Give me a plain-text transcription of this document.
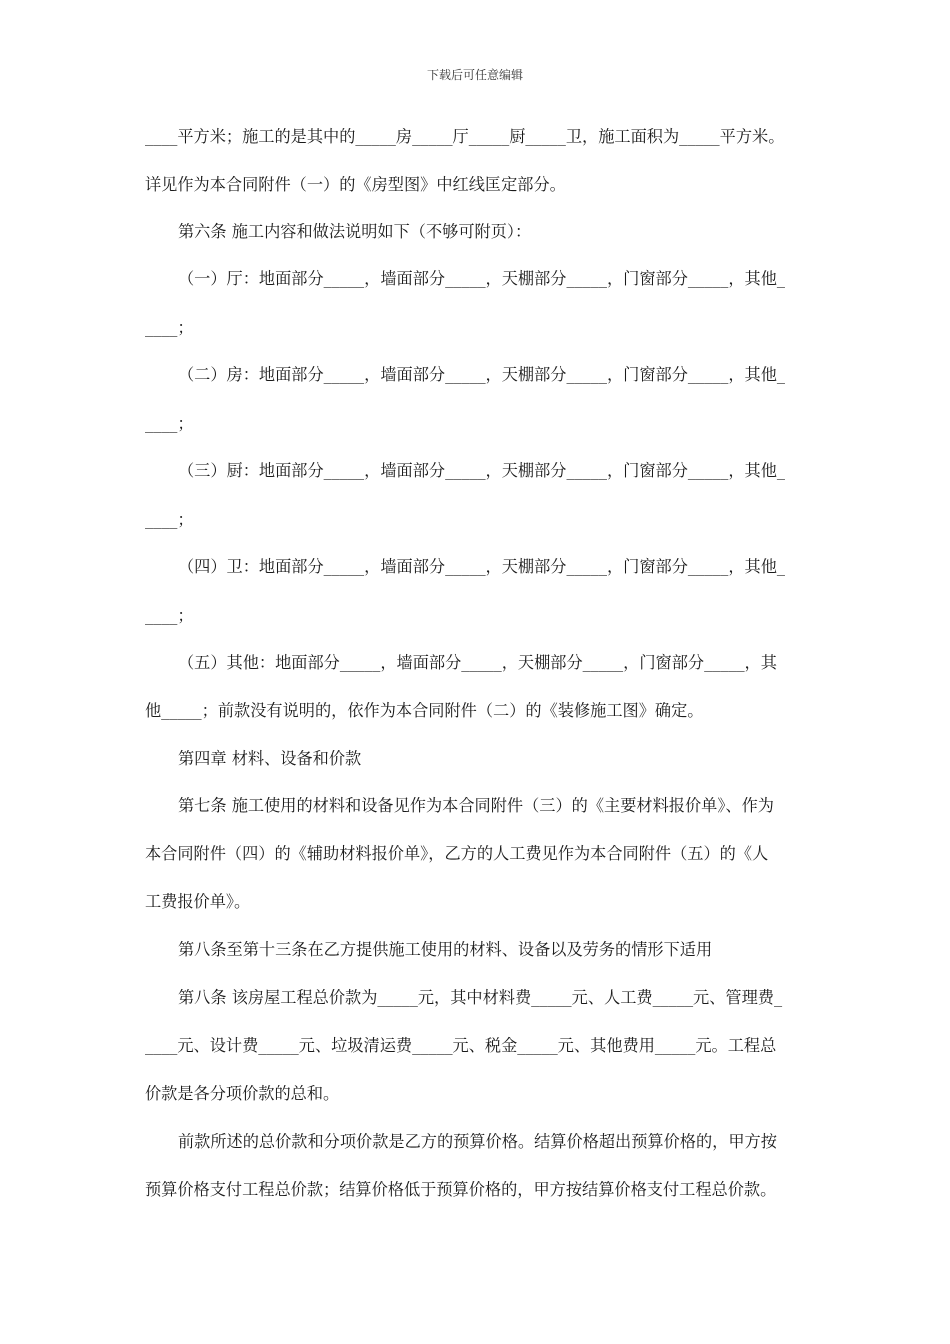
下载后可任意编辑
____平方米；施工的是其中的_____房_____厅_____厨_____卫，施工面积为_____平方米。
详见作为本合同附件（一）的《房型图》中红线匡定部分。
第六条 施工内容和做法说明如下（不够可附页）：
（一）厅：地面部分_____，墙面部分_____，天棚部分_____，门窗部分_____，其他_
____；
（二）房：地面部分_____，墙面部分_____，天棚部分_____，门窗部分_____，其他_
____；
（三）厨：地面部分_____，墙面部分_____，天棚部分_____，门窗部分_____，其他_
____；
（四）卫：地面部分_____，墙面部分_____，天棚部分_____，门窗部分_____，其他_
____；
（五）其他：地面部分_____，墙面部分_____，天棚部分_____，门窗部分_____，其
他_____；前款没有说明的，依作为本合同附件（二）的《装修施工图》确定。
第四章 材料、设备和价款
第七条 施工使用的材料和设备见作为本合同附件（三）的《主要材料报价单》、作为
本合同附件（四）的《辅助材料报价单》，乙方的人工费见作为本合同附件（五）的《人
工费报价单》。
第八条至第十三条在乙方提供施工使用的材料、设备以及劳务的情形下适用
第八条 该房屋工程总价款为_____元，其中材料费_____元、人工费_____元、管理费_
____元、设计费_____元、垃圾清运费_____元、税金_____元、其他费用_____元。工程总
价款是各分项价款的总和。
前款所述的总价款和分项价款是乙方的预算价格。结算价格超出预算价格的，甲方按
预算价格支付工程总价款；结算价格低于预算价格的，甲方按结算价格支付工程总价款。
